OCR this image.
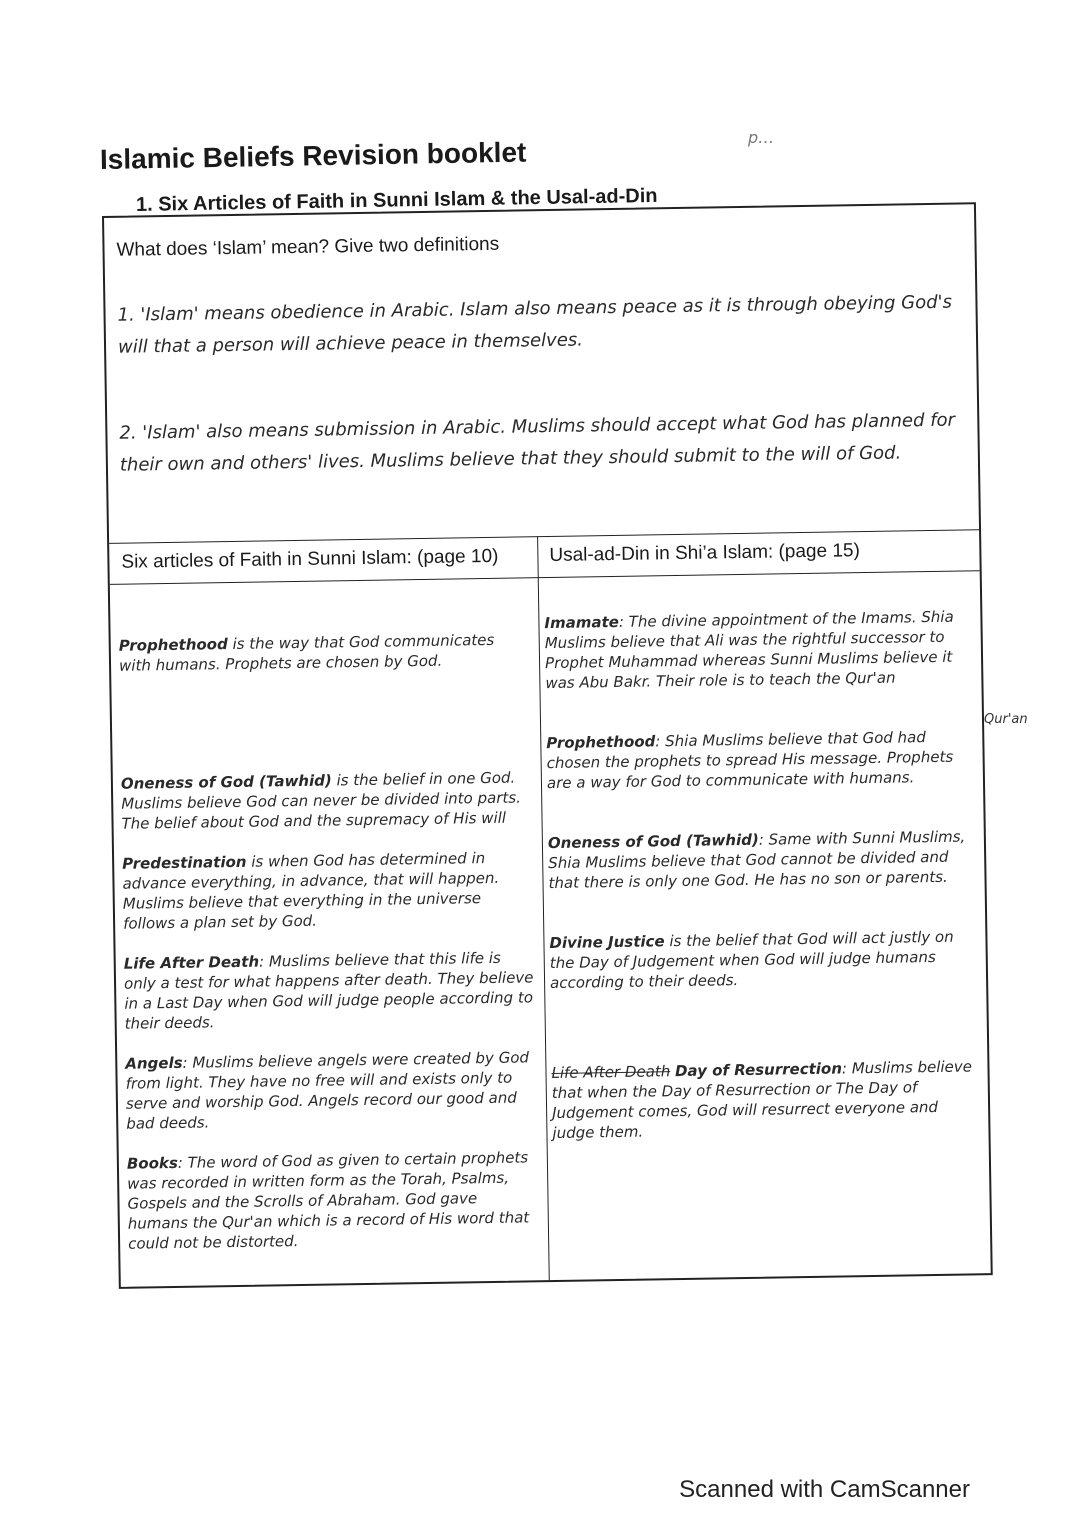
p…
Islamic Beliefs Revision booklet
1. Six Articles of Faith in Sunni Islam & the Usal-ad-Din
What does ‘Islam’ mean? Give two definitions
1. 'Islam' means obedience in Arabic. Islam also means peace as it is through obeying God's will that a person will achieve peace in themselves.
2. 'Islam' also means submission in Arabic. Muslims should accept what God has planned for their own and others' lives. Muslims believe that they should submit to the will of God.
Six articles of Faith in Sunni Islam: (page 10)	Usal-ad-Din in Shi’a Islam: (page 15)
Prophethood is the way that God communicates with humans. Prophets are chosen by God.
Oneness of God (Tawhid) is the belief in one God. Muslims believe God can never be divided into parts. The belief about God and the supremacy of His will
Predestination is when God has determined in advance everything, in advance, that will happen. Muslims believe that everything in the universe follows a plan set by God.
Life After Death: Muslims believe that this life is only a test for what happens after death. They believe in a Last Day when God will judge people according to their deeds.
Angels: Muslims believe angels were created by God from light. They have no free will and exists only to serve and worship God. Angels record our good and bad deeds.
Books: The word of God as given to certain prophets was recorded in written form as the Torah, Psalms, Gospels and the Scrolls of Abraham. God gave humans the Qur'an which is a record of His word that could not be distorted.
Imamate: The divine appointment of the Imams. Shia Muslims believe that Ali was the rightful successor to Prophet Muhammad whereas Sunni Muslims believe it was Abu Bakr. Their role is to teach the Qur'an
Prophethood: Shia Muslims believe that God had chosen the prophets to spread His message. Prophets are a way for God to communicate with humans.
Oneness of God (Tawhid): Same with Sunni Muslims, Shia Muslims believe that God cannot be divided and that there is only one God. He has no son or parents.
Divine Justice is the belief that God will act justly on the Day of Judgement when God will judge humans according to their deeds.
Life After Death Day of Resurrection: Muslims believe that when the Day of Resurrection or The Day of Judgement comes, God will resurrect everyone and judge them.
Qur'an
Scanned with CamScanner
